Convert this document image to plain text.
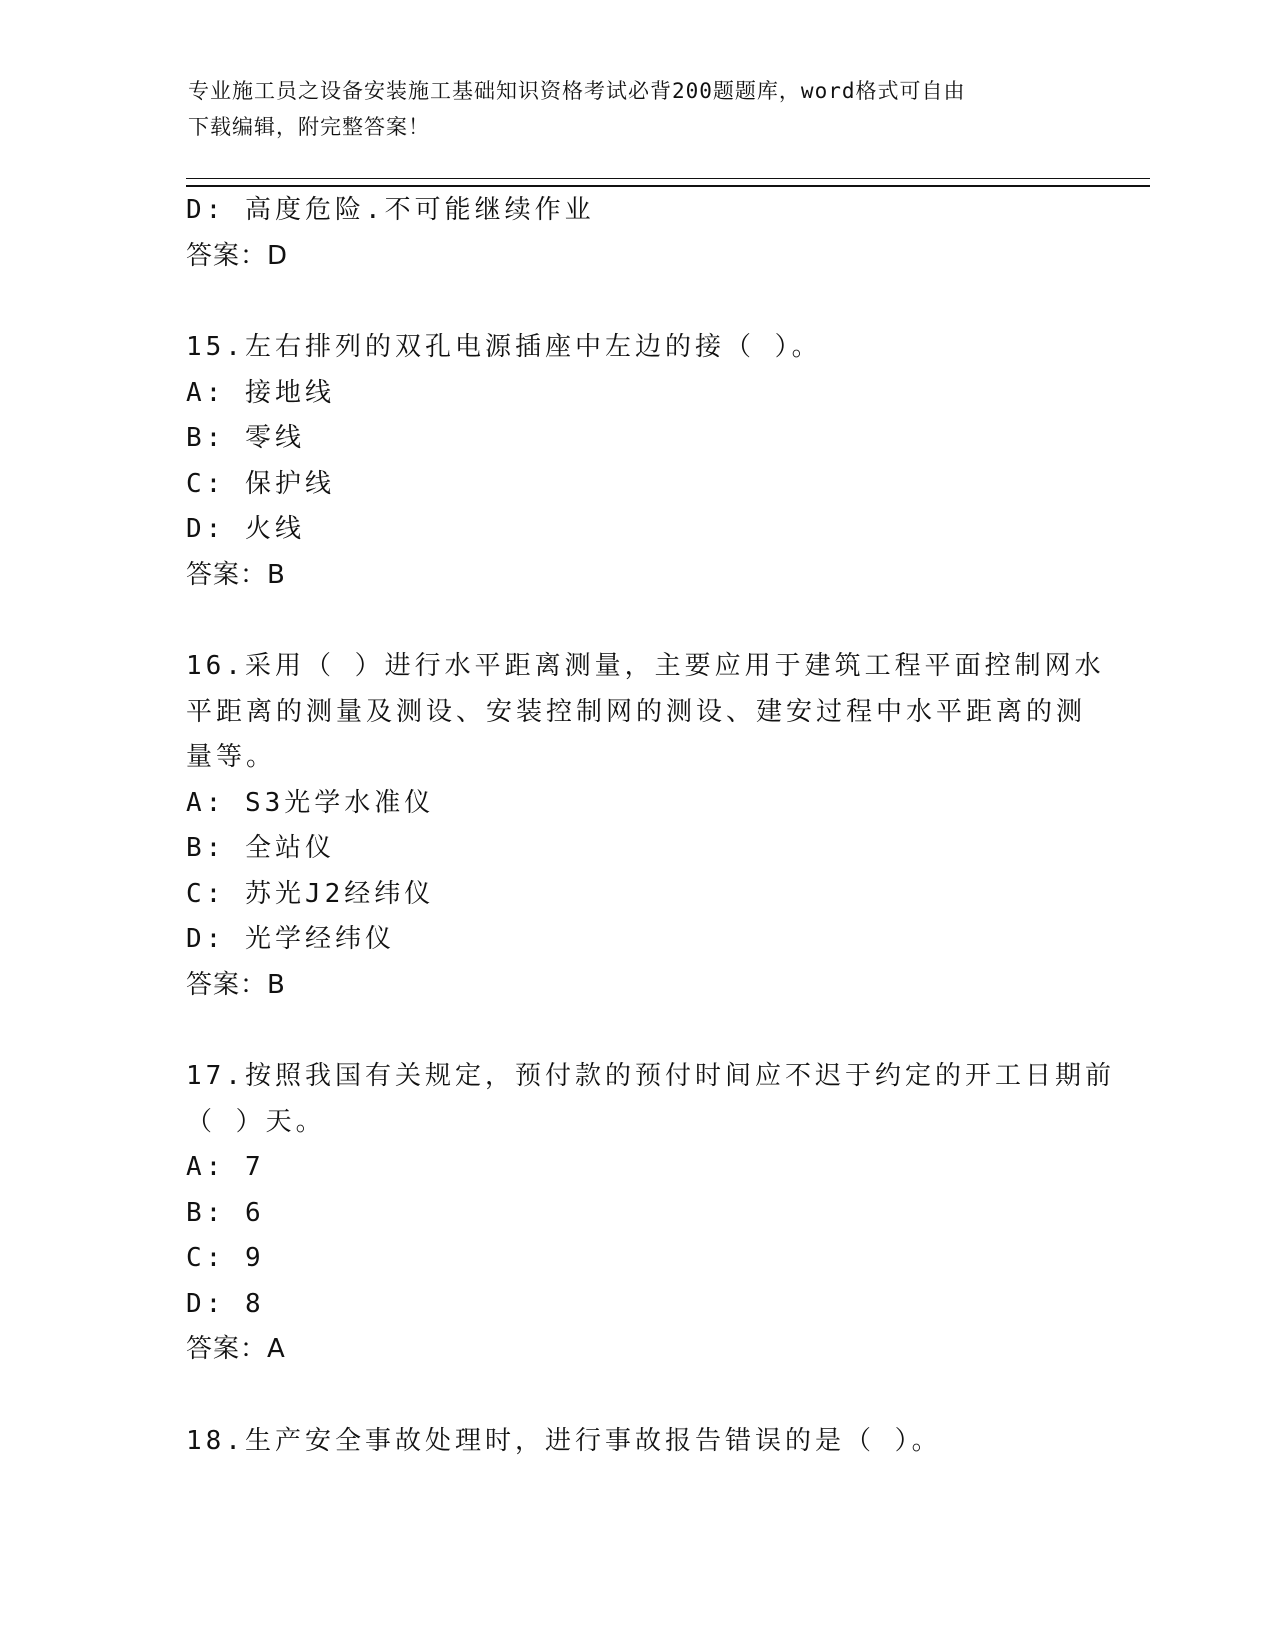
专业施工员之设备安装施工基础知识资格考试必背200题题库，word格式可自由
下载编辑，附完整答案！
D: 高度危险.不可能继续作业
答案：D
15.左右排列的双孔电源插座中左边的接（ ）。
A: 接地线
B: 零线
C: 保护线
D: 火线
答案：B
16.采用（ ）进行水平距离测量，主要应用于建筑工程平面控制网水
平距离的测量及测设、安装控制网的测设、建安过程中水平距离的测
量等。
A: S3光学水准仪
B: 全站仪
C: 苏光J2经纬仪
D: 光学经纬仪
答案：B
17.按照我国有关规定，预付款的预付时间应不迟于约定的开工日期前
（ ）天。
A: 7
B: 6
C: 9
D: 8
答案：A
18.生产安全事故处理时，进行事故报告错误的是（ ）。
